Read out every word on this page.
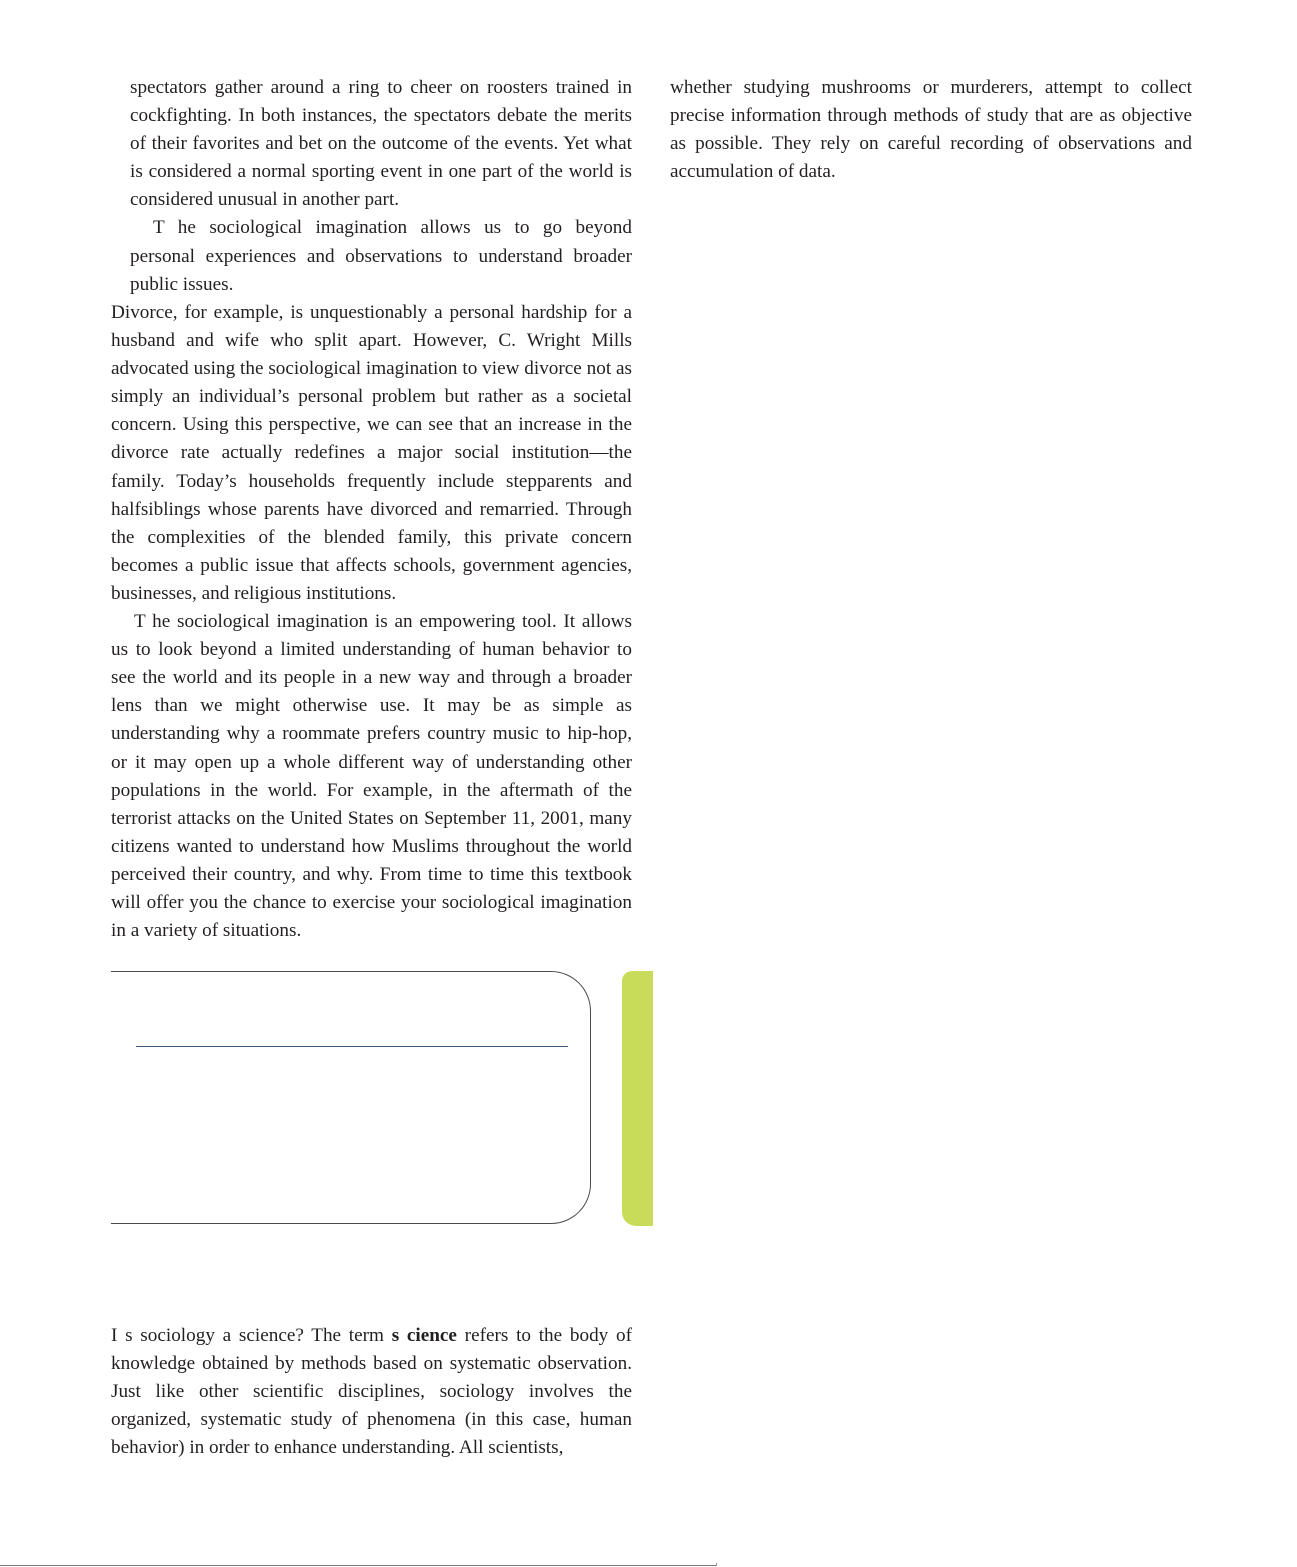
spectators gather around a ring to cheer on roosters trained in cockfighting. In both instances, the spectators debate the merits of their favorites and bet on the outcome of the events. Yet what is considered a normal sporting event in one part of the world is considered unusual in another part.

T he sociological imagination allows us to go beyond personal experiences and observations to understand broader public issues.

Divorce, for example, is unquestionably a personal hardship for a husband and wife who split apart. However, C. Wright Mills advocated using the sociological imagination to view divorce not as simply an individual’s personal problem but rather as a societal concern. Using this perspective, we can see that an increase in the divorce rate actually redefines a major social institution—the family. Today’s households frequently include stepparents and halfsiblings whose parents have divorced and remarried. Through the complexities of the blended family, this private concern becomes a public issue that affects schools, government agencies, businesses, and religious institutions.

T he sociological imagination is an empowering tool. It allows us to look beyond a limited understanding of human behavior to see the world and its people in a new way and through a broader lens than we might otherwise use. It may be as simple as understanding why a roommate prefers country music to hip-hop, or it may open up a whole different way of understanding other populations in the world. For example, in the aftermath of the terrorist attacks on the United States on September 11, 2001, many citizens wanted to understand how Muslims throughout the world perceived their country, and why. From time to time this textbook will offer you the chance to exercise your sociological imagination in a variety of situations.

I s sociology a science? The term s cience refers to the body of knowledge obtained by methods based on systematic observation. Just like other scientific disciplines, sociology involves the organized, systematic study of phenomena (in this case, human behavior) in order to enhance understanding. All scientists,

whether studying mushrooms or murderers, attempt to collect precise information through methods of study that are as objective as possible. They rely on careful recording of observations and accumulation of data.
